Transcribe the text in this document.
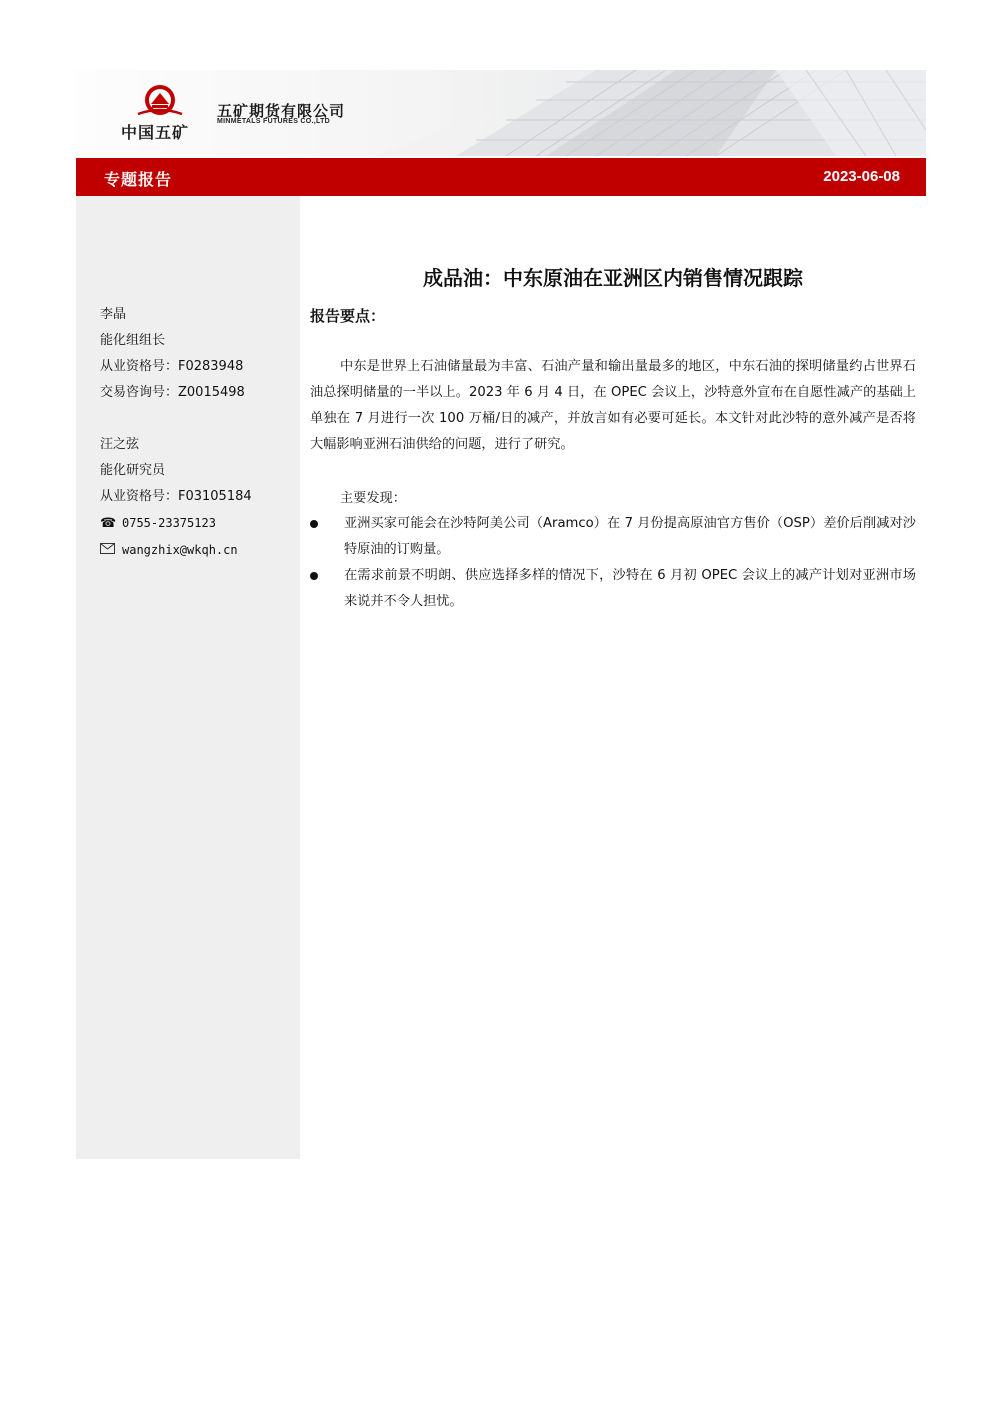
中国五矿
五矿期货有限公司
MINMETALS FUTURES CO.,LTD
专题报告	2023-06-08
李晶
能化组组长
从业资格号：F0283948
交易咨询号：Z0015498
汪之弦
能化研究员
从业资格号：F03105184
☎ 0755-23375123
wangzhix@wkqh.cn
成品油：中东原油在亚洲区内销售情况跟踪
报告要点：
中东是世界上石油储量最为丰富、石油产量和输出量最多的地区，中东石油的探明储量约占世界石油总探明储量的一半以上。2023 年 6 月 4 日，在 OPEC 会议上，沙特意外宣布在自愿性减产的基础上单独在 7 月进行一次 100 万桶/日的减产，并放言如有必要可延长。本文针对此沙特的意外减产是否将大幅影响亚洲石油供给的问题，进行了研究。
主要发现：
亚洲买家可能会在沙特阿美公司（Aramco）在 7 月份提高原油官方售价（OSP）差价后削减对沙特原油的订购量。
在需求前景不明朗、供应选择多样的情况下，沙特在 6 月初 OPEC 会议上的减产计划对亚洲市场来说并不令人担忧。
